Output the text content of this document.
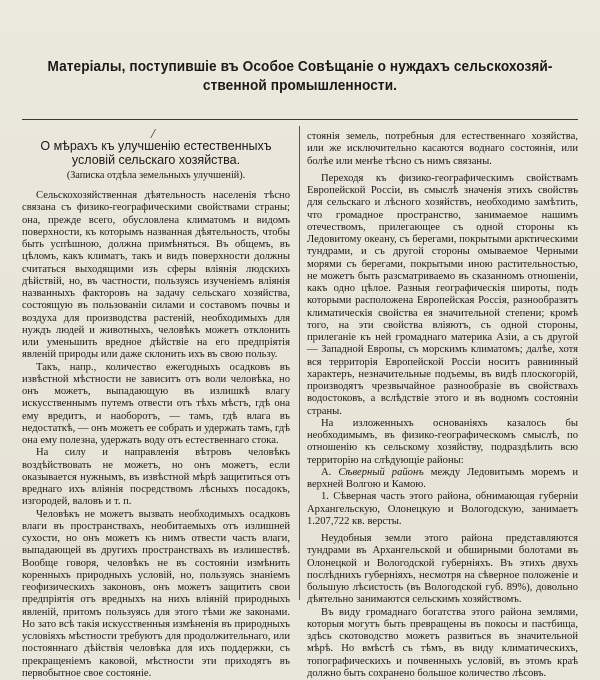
Матеріалы, поступившіе въ Особое Совѣщаніе о нуждахъ сельскохозяй-
ственной промышленности.
/
О мѣрахъ къ улучшенію естественныхъ
условій сельскаго хозяйства.
(Записка отдѣла земельныхъ улучшеній).

Сельскохозяйственная дѣятельность населенія тѣсно связана съ физико-географическими свойствами страны; она, прежде всего, обусловлена климатомъ и видомъ поверхности, къ которымъ названная дѣятельность, чтобы быть успѣшною, должна примѣняться. Въ общемъ, въ цѣломъ, какъ климатъ, такъ и видъ поверхности должны считаться выходящими изъ сферы вліянія людскихъ дѣйствій, но, въ частности, пользуясь изученіемъ вліянія названныхъ факторовъ на задачу сельскаго хозяйства, состоящую въ пользованіи силами и составомъ почвы и воздуха для производства растеній, необходимыхъ для нуждъ людей и животныхъ, человѣкъ можетъ отклонить или уменьшить вредное дѣйствіе на его предпріятія явленій природы или даже склонить ихъ въ свою пользу.

Такъ, напр., количество ежегодныхъ осадковъ въ извѣстной мѣстности не зависитъ отъ воли человѣка, но онъ можетъ, выпадающую въ излишкѣ влагу искусственнымъ путемъ отвести отъ тѣхъ мѣстъ, гдѣ она ему вредитъ, и наоборотъ, — тамъ, гдѣ влага въ недостаткѣ, — онъ можетъ ее собрать и удержать тамъ, гдѣ она ему полезна, удержать воду отъ естественнаго стока.

На силу и направленія вѣтровъ человѣкъ воздѣйствовать не можетъ, но онъ можетъ, если оказывается нужнымъ, въ извѣстной мѣрѣ защититься отъ вреднаго ихъ вліянія посредствомъ лѣсныхъ посадокъ, изгородей, валовъ и т. п.

Человѣкъ не можетъ вызвать необходимыхъ осадковъ влаги въ пространствахъ, необитаемыхъ отъ излишней сухости, но онъ можетъ къ нимъ отвести часть влаги, выпадающей въ другихъ пространствахъ въ излишествѣ. Вообще говоря, человѣкъ не въ состояніи измѣнить коренныхъ природныхъ условій, но, пользуясь знаніемъ геофизическихъ законовъ, онъ можетъ защитить свои предпріятія отъ вредныхъ на нихъ вліяній природныхъ явленій, притомъ пользуясь для этого тѣми же законами. Но зато всѣ такія искусственныя измѣненія въ природныхъ условіяхъ мѣстности требуютъ для продолжительнаго, или постояннаго дѣйствія человѣка для ихъ поддержки, съ прекращеніемъ каковой, мѣстности эти приходятъ въ первобытное свое состояніе.

стоянія земель, потребныя для естественнаго хозяйства, или же исключительно касаются воднаго состоянія, или болѣе или менѣе тѣсно съ нимъ связаны.

Переходя къ физико-географическимъ свойствамъ Европейской Россіи, въ смыслѣ значенія этихъ свойствъ для сельскаго и лѣсного хозяйствъ, необходимо замѣтить, что громадное пространство, занимаемое нашимъ отечествомъ, прилегающее съ одной стороны къ Ледовитому океану, съ берегами, покрытыми арктическими тундрами, и съ другой стороны омываемое Черными морями съ берегами, покрытыми иною растительностью, не можетъ быть разсматриваемо въ сказанномъ отношеніи, какъ одно цѣлое. Разныя географическія широты, подъ которыми расположена Европейская Россія, разнообразятъ климатическія свойства ея значительной степени; кромѣ того, на эти свойства вліяютъ, съ одной стороны, прилеганіе къ ней громаднаго материка Азіи, а съ другой — Западной Европы, съ морскимъ климатомъ; далѣе, хотя вся территорія Европейской Россіи носитъ равнинный характеръ, незначительные подъемы, въ видѣ плоскогорій, производятъ чрезвычайное разнообразіе въ свойствахъ водостоковъ, а вслѣдствіе этого и въ водномъ состояніи страны.

На изложенныхъ основаніяхъ казалось бы необходимымъ, въ физико-географическомъ смыслѣ, по отношенію къ сельскому хозяйству, подраздѣлить всю территорію на слѣдующіе районы:

А. Сѣверный районъ между Ледовитымъ моремъ и верхней Волгою и Камою.

1. Сѣверная часть этого района, обнимающая губерніи Архангельскую, Олонецкую и Вологодскую, занимаетъ 1.207,722 кв. версты.

Неудобныя земли этого района представляются тундрами въ Архангельской и обширными болотами въ Олонецкой и Вологодской губерніяхъ. Въ этихъ двухъ послѣднихъ губерніяхъ, несмотря на сѣверное положеніе и большую лѣсистость (въ Вологодской губ. 89%), довольно дѣятельно занимаются сельскимъ хозяйствомъ.

Въ виду громаднаго богатства этого района землями, которыя могутъ быть превращены въ покосы и пастбища, здѣсь скотоводство можетъ развиться въ значительной мѣрѣ. Но вмѣстѣ съ тѣмъ, въ виду климатическихъ, топографическихъ и почвенныхъ условій, въ этомъ краѣ должно быть сохранено большое количество лѣсовъ.
